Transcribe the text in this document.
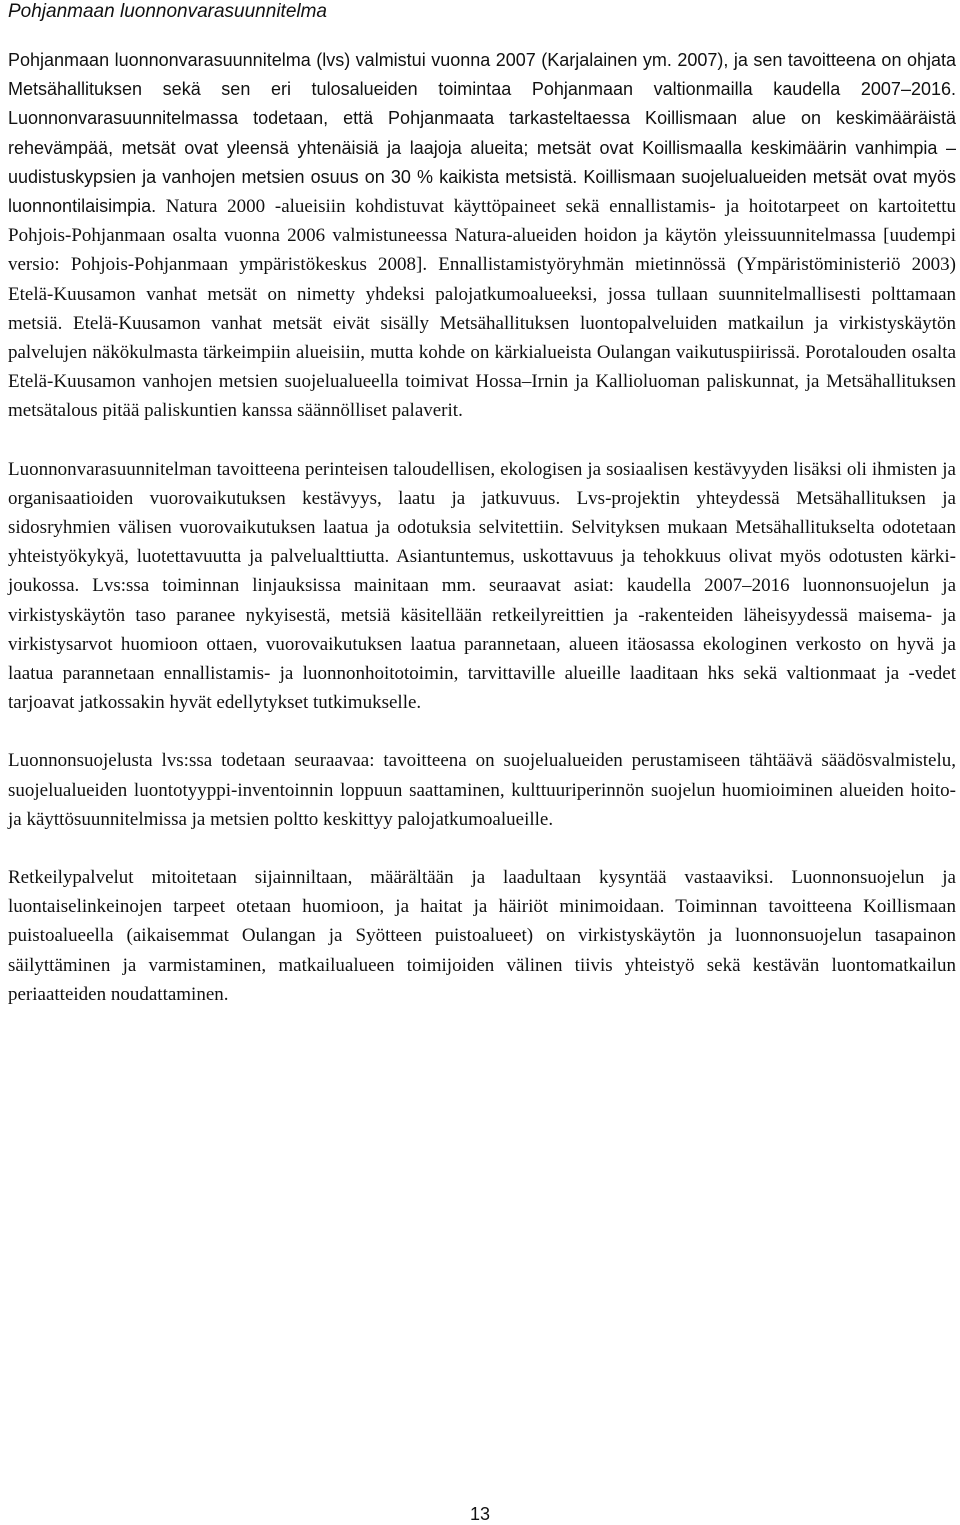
Pohjanmaan luonnonvarasuunnitelma

Pohjanmaan luonnonvarasuunnitelma (lvs) valmistui vuonna 2007 (Karjalainen ym. 2007), ja sen tavoitteena on ohjata Metsähallituksen sekä sen eri tulosalueiden toimintaa Pohjanmaan valtionmailla kaudella 2007–2016. Luonnonvarasuunnitelmassa todetaan, että Pohjanmaata tarkasteltaessa Koillismaan alue on keskimääräistä rehevämpää, metsät ovat yleensä yhtenäisiä ja laajoja alueita; metsät ovat Koillismaalla keskimäärin vanhimpia – uudistuskypsien ja vanhojen metsien osuus on 30 % kaikista metsistä. Koillismaan suojelualueiden metsät ovat myös luonnontilaisimpia. Natura 2000 -alueisiin kohdistuvat käyttöpaineet sekä ennallistamis- ja hoitotarpeet on kartoitettu Pohjois-Pohjanmaan osalta vuonna 2006 valmistuneessa Natura-alueiden hoidon ja käytön yleissuunnitelmassa [uudempi versio: Pohjois-Pohjanmaan ympäristökeskus 2008]. Ennallistamistyöryhmän mietinnössä (Ympäristöministeriö 2003) Etelä-Kuusamon vanhat metsät on nimetty yhdeksi palojatkumoalueeksi, jossa tullaan suunnitelmallisesti polttamaan metsiä. Etelä-Kuusamon vanhat metsät eivät sisälly Metsähallituksen luontopalveluiden matkailun ja virkistyskäytön palvelujen näkökulmasta tärkeimpiin alueisiin, mutta kohde on kärkialueista Oulangan vaikutuspiirissä. Porotalouden osalta Etelä-Kuusamon vanhojen metsien suojelualueella toimivat Hossa–Irnin ja Kallioluoman paliskunnat, ja Metsähallituksen metsätalous pitää paliskuntien kanssa säännölliset palaverit.

Luonnonvarasuunnitelman tavoitteena perinteisen taloudellisen, ekologisen ja sosiaalisen kestävyyden lisäksi oli ihmisten ja organisaatioiden vuorovaikutuksen kestävyys, laatu ja jatkuvuus. Lvs-projektin yhteydessä Metsähallituksen ja sidosryhmien välisen vuorovaikutuksen laatua ja odotuksia selvitettiin. Selvityksen mukaan Metsähallitukselta odotetaan yhteistyökykyä, luotettavuutta ja palvelualttiutta. Asiantuntemus, uskottavuus ja tehokkuus olivat myös odotusten kärkijoukossa. Lvs:ssa toiminnan linjauksissa mainitaan mm. seuraavat asiat: kaudella 2007–2016 luonnonsuojelun ja virkistyskäytön taso paranee nykyisestä, metsiä käsitellään retkeilyreittien ja -rakenteiden läheisyydessä maisema- ja virkistysarvot huomioon ottaen, vuorovaikutuksen laatua parannetaan, alueen itäosassa ekologinen verkosto on hyvä ja laatua parannetaan ennallistamis- ja luonnonhoitotoimin, tarvittaville alueille laaditaan hks sekä valtionmaat ja -vedet tarjoavat jatkossakin hyvät edellytykset tutkimukselle.

Luonnonsuojelusta lvs:ssa todetaan seuraavaa: tavoitteena on suojelualueiden perustamiseen tähtäävä säädösvalmistelu, suojelualueiden luontotyyppi-inventoinnin loppuun saattaminen, kulttuuriperinnön suojelun huomioiminen alueiden hoito- ja käyttösuunnitelmissa ja metsien poltto keskittyy palojatkumoalueille.

Retkeilypalvelut mitoitetaan sijainniltaan, määrältään ja laadultaan kysyntää vastaaviksi. Luonnonsuojelun ja luontaiselinkeinojen tarpeet otetaan huomioon, ja haitat ja häiriöt minimoidaan. Toiminnan tavoitteena Koillismaan puistoalueella (aikaisemmat Oulangan ja Syötteen puistoalueet) on virkistyskäytön ja luonnonsuojelun tasapainon säilyttäminen ja varmistaminen, matkailualueen toimijoiden välinen tiivis yhteistyö sekä kestävän luontomatkailun periaatteiden noudattaminen.

13
